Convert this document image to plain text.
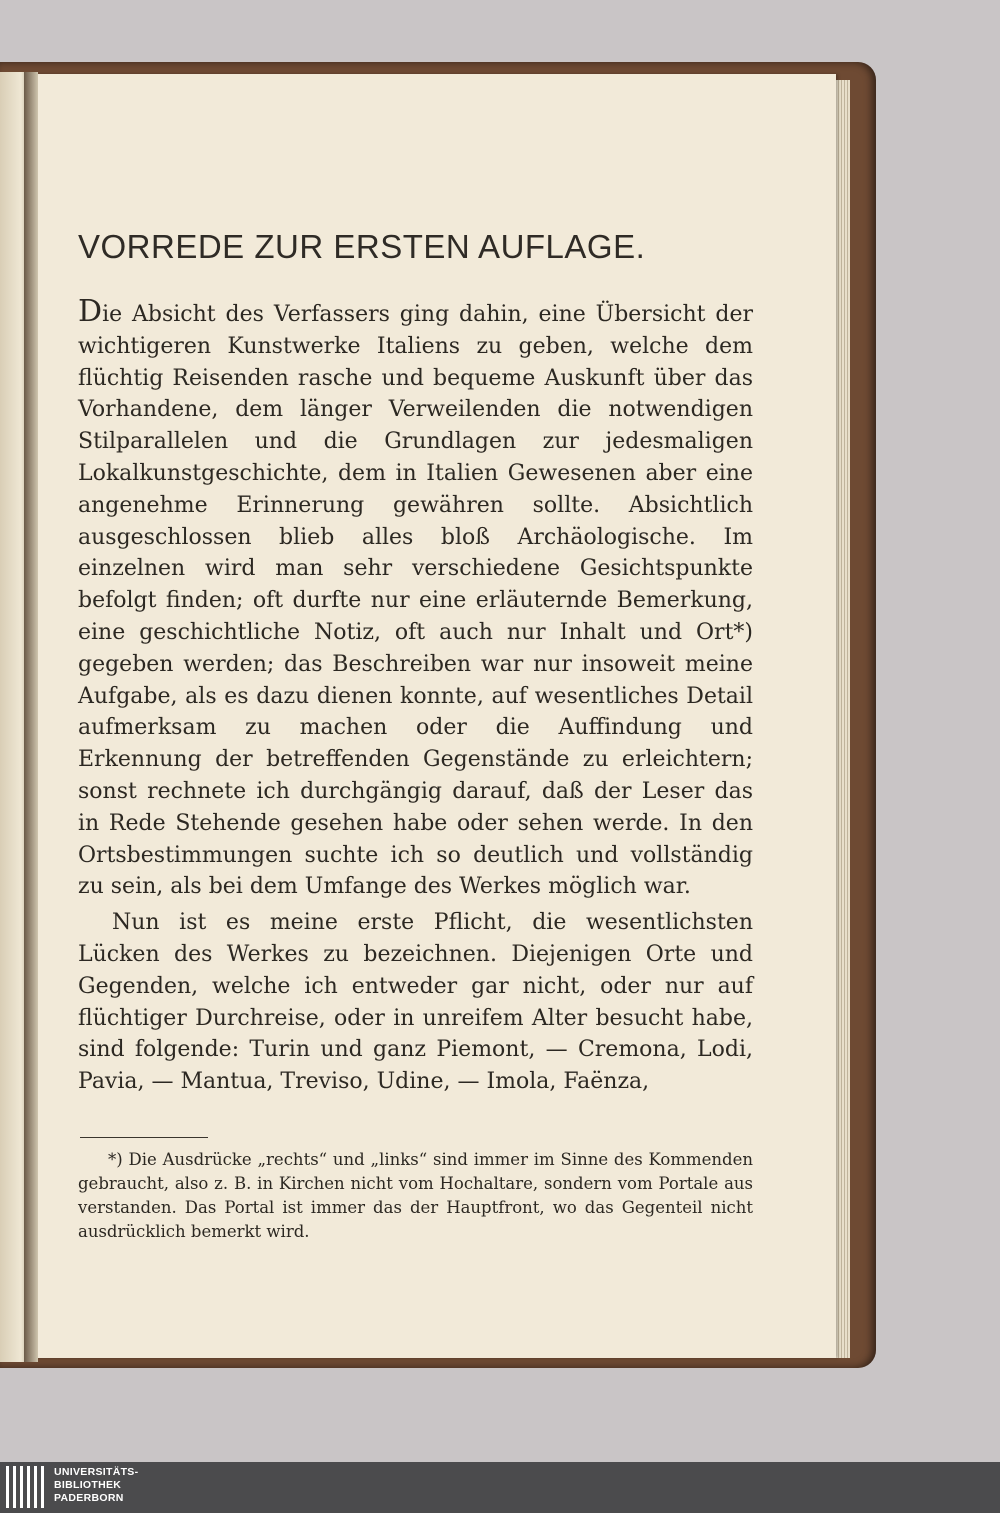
VORREDE ZUR ERSTEN AUFLAGE.

Die Absicht des Verfassers ging dahin, eine Übersicht der wichtigeren Kunstwerke Italiens zu geben, welche dem flüchtig Reisenden rasche und bequeme Auskunft über das Vorhandene, dem länger Verweilenden die notwendigen Stilparallelen und die Grundlagen zur jedesmaligen Lokalkunstgeschichte, dem in Italien Gewesenen aber eine angenehme Erinnerung gewähren sollte. Absichtlich ausgeschlossen blieb alles bloß Archäologische. Im einzelnen wird man sehr verschiedene Gesichtspunkte befolgt finden; oft durfte nur eine erläuternde Bemerkung, eine geschichtliche Notiz, oft auch nur Inhalt und Ort*) gegeben werden; das Beschreiben war nur insoweit meine Aufgabe, als es dazu dienen konnte, auf wesentliches Detail aufmerksam zu machen oder die Auffindung und Erkennung der betreffenden Gegenstände zu erleichtern; sonst rechnete ich durchgängig darauf, daß der Leser das in Rede Stehende gesehen habe oder sehen werde. In den Ortsbestimmungen suchte ich so deutlich und vollständig zu sein, als bei dem Umfange des Werkes möglich war.

Nun ist es meine erste Pflicht, die wesentlichsten Lücken des Werkes zu bezeichnen. Diejenigen Orte und Gegenden, welche ich entweder gar nicht, oder nur auf flüchtiger Durchreise, oder in unreifem Alter besucht habe, sind folgende: Turin und ganz Piemont, — Cremona, Lodi, Pavia, — Mantua, Treviso, Udine, — Imola, Faënza,

*) Die Ausdrücke „rechts“ und „links“ sind immer im Sinne des Kommenden gebraucht, also z. B. in Kirchen nicht vom Hochaltare, sondern vom Portale aus verstanden. Das Portal ist immer das der Hauptfront, wo das Gegenteil nicht ausdrücklich bemerkt wird.

UNIVERSITÄTS-
BIBLIOTHEK
PADERBORN
